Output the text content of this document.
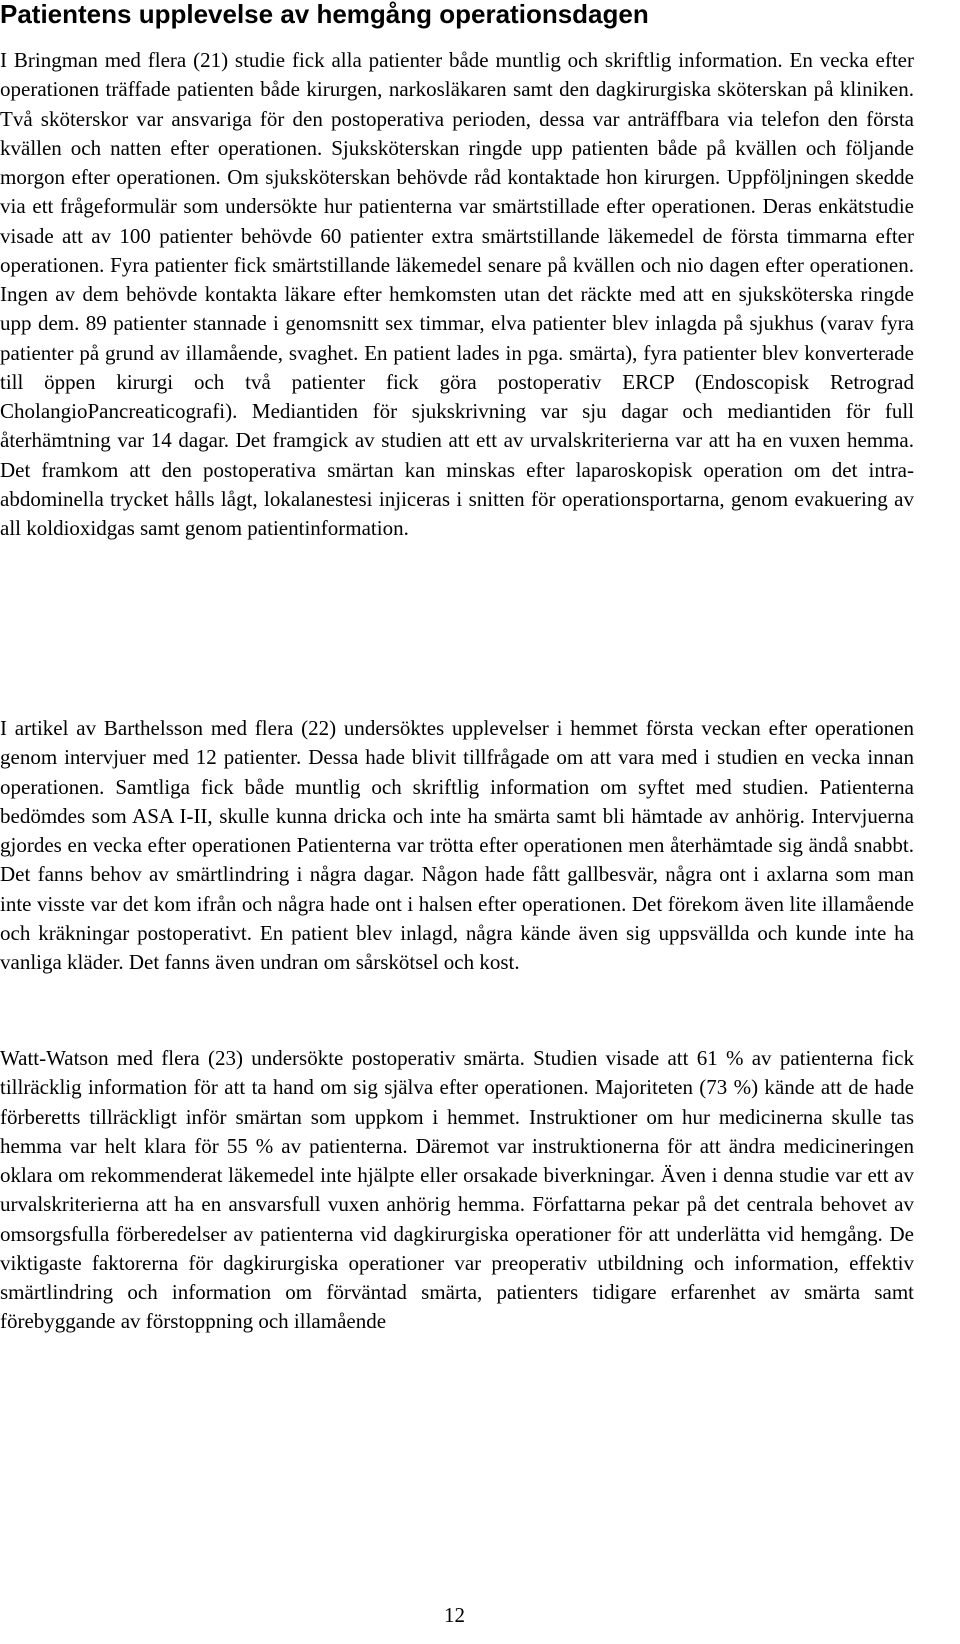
Patientens upplevelse av hemgång operationsdagen

I Bringman med flera (21) studie fick alla patienter både muntlig och skriftlig information. En vecka efter operationen träffade patienten både kirurgen, narkosläkaren samt den dagkirurgiska sköterskan på kliniken. Två sköterskor var ansvariga för den postoperativa perioden, dessa var anträffbara via telefon den första kvällen och natten efter operationen. Sjuksköterskan ringde upp patienten både på kvällen och följande morgon efter operationen. Om sjuksköterskan behövde råd kontaktade hon kirurgen. Uppföljningen skedde via ett frågeformulär som undersökte hur patienterna var smärtstillade efter operationen. Deras enkätstudie visade att av 100 patienter behövde 60 patienter extra smärtstillande läkemedel de första timmarna efter operationen. Fyra patienter fick smärtstillande läkemedel senare på kvällen och nio dagen efter operationen. Ingen av dem behövde kontakta läkare efter hemkomsten utan det räckte med att en sjuksköterska ringde upp dem. 89 patienter stannade i genomsnitt sex timmar, elva patienter blev inlagda på sjukhus (varav fyra patienter på grund av illamående, svaghet. En patient lades in pga. smärta), fyra patienter blev konverterade till öppen kirurgi och två patienter fick göra postoperativ ERCP (Endoscopisk Retrograd CholangioPancreaticografi). Mediantiden för sjukskrivning var sju dagar och mediantiden för full återhämtning var 14 dagar. Det framgick av studien att ett av urvalskriterierna var att ha en vuxen hemma. Det framkom att den postoperativa smärtan kan minskas efter laparoskopisk operation om det intra-abdominella trycket hålls lågt, lokalanestesi injiceras i snitten för operationsportarna, genom evakuering av all koldioxidgas samt genom patientinformation.

I artikel av Barthelsson med flera (22) undersöktes upplevelser i hemmet första veckan efter operationen genom intervjuer med 12 patienter. Dessa hade blivit tillfrågade om att vara med i studien en vecka innan operationen. Samtliga fick både muntlig och skriftlig information om syftet med studien. Patienterna bedömdes som ASA I-II, skulle kunna dricka och inte ha smärta samt bli hämtade av anhörig. Intervjuerna gjordes en vecka efter operationen Patienterna var trötta efter operationen men återhämtade sig ändå snabbt. Det fanns behov av smärtlindring i några dagar. Någon hade fått gallbesvär, några ont i axlarna som man inte visste var det kom ifrån och några hade ont i halsen efter operationen. Det förekom även lite illamående och kräkningar postoperativt. En patient blev inlagd, några kände även sig uppsvällda och kunde inte ha vanliga kläder. Det fanns även undran om sårskötsel och kost.

Watt-Watson med flera (23) undersökte postoperativ smärta. Studien visade att 61 % av patienterna fick tillräcklig information för att ta hand om sig själva efter operationen. Majoriteten (73 %) kände att de hade förberetts tillräckligt inför smärtan som uppkom i hemmet. Instruktioner om hur medicinerna skulle tas hemma var helt klara för 55 % av patienterna. Däremot var instruktionerna för att ändra medicineringen oklara om rekommenderat läkemedel inte hjälpte eller orsakade biverkningar. Även i denna studie var ett av urvalskriterierna att ha en ansvarsfull vuxen anhörig hemma. Författarna pekar på det centrala behovet av omsorgsfulla förberedelser av patienterna vid dagkirurgiska operationer för att underlätta vid hemgång. De viktigaste faktorerna för dagkirurgiska operationer var preoperativ utbildning och information, effektiv smärtlindring och information om förväntad smärta, patienters tidigare erfarenhet av smärta samt förebyggande av förstoppning och illamående

12
